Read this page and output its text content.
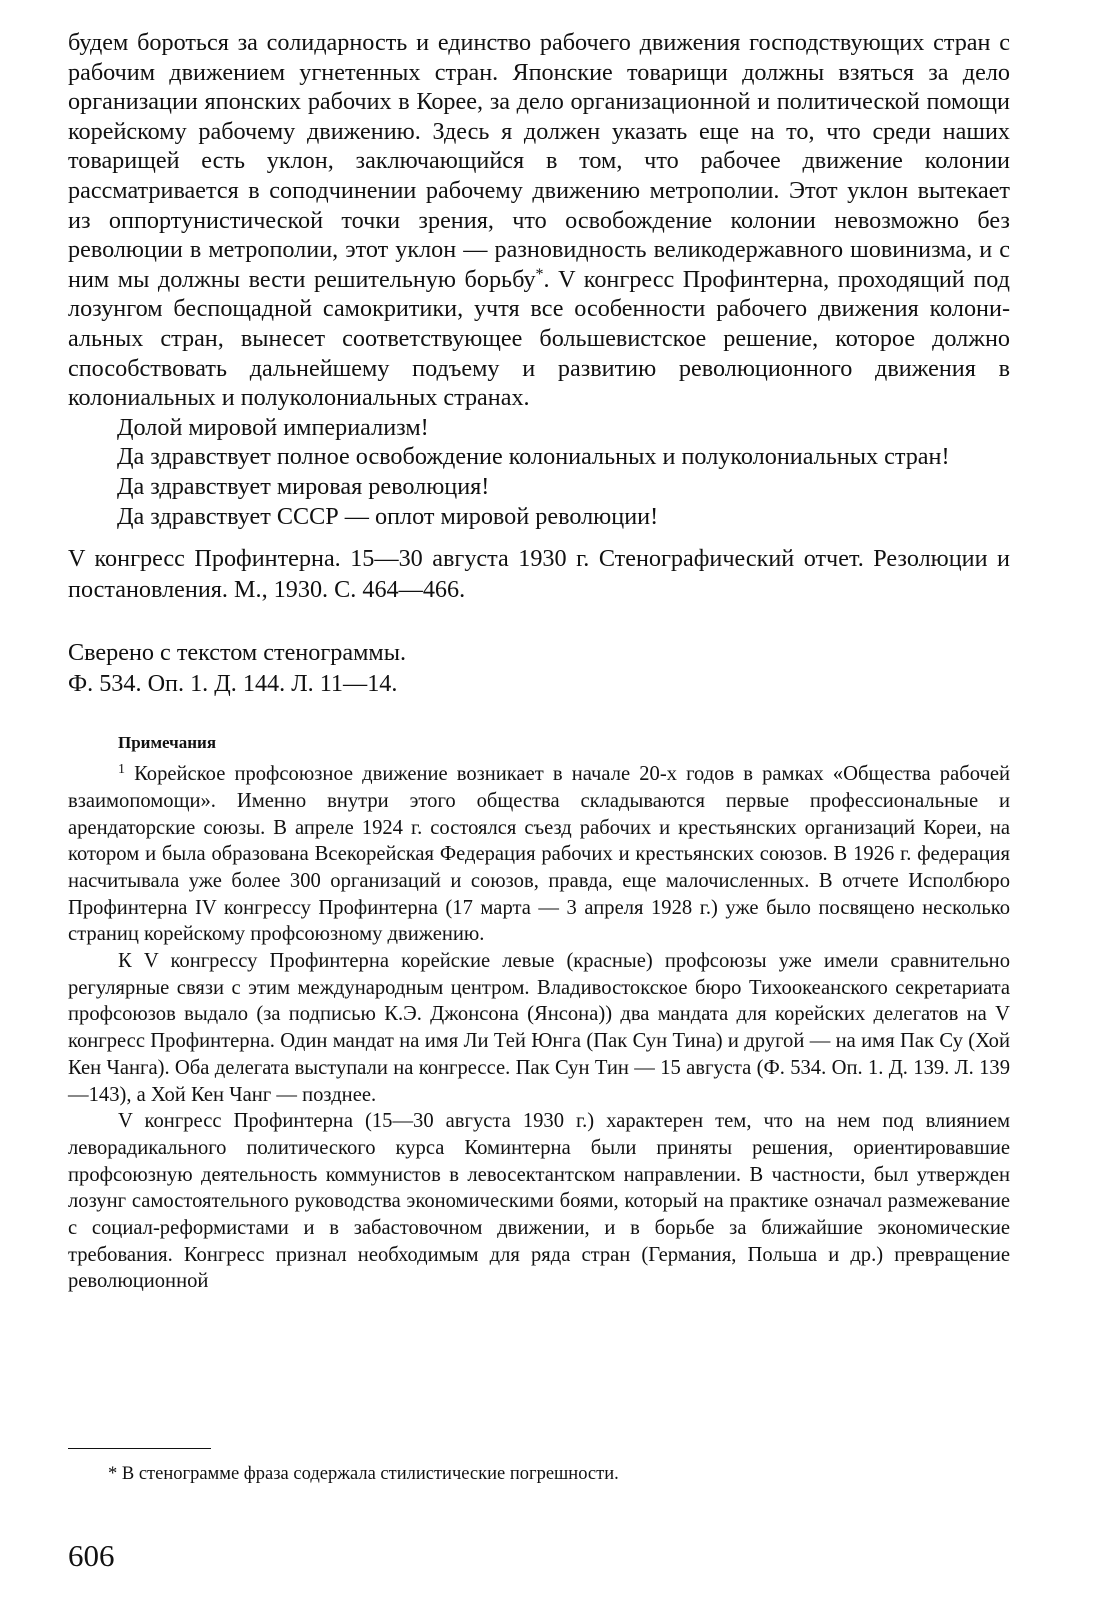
будем бороться за солидарность и единство рабочего движения господствующих стран с рабочим движением угнетенных стран. Японские товарищи должны взяться за дело организации японских рабочих в Корее, за дело организационной и политической помощи корейскому рабочему движению. Здесь я должен указать еще на то, что среди наших товарищей есть уклон, заключающийся в том, что рабочее движение колонии рассматривается в соподчинении рабочему движению метрополии. Этот уклон вытекает из оппортунистической точки зрения, что освобождение колонии невозможно без революции в метрополии, этот уклон — разновидность великодержавного шовинизма, и с ним мы должны вести решительную борьбу*. V конгресс Профинтерна, проходящий под лозунгом беспощадной самокритики, учтя все особенности рабочего движения колониальных стран, вынесет соответствующее большевистское решение, которое должно способствовать дальнейшему подъему и развитию революционного движения в колониальных и полуколониальных странах.

Долой мировой империализм!

Да здравствует полное освобождение колониальных и полуколониальных стран!

Да здравствует мировая революция!

Да здравствует СССР — оплот мировой революции!

V конгресс Профинтерна. 15—30 августа 1930 г. Стенографический отчет. Резолюции и постановления. М., 1930. С. 464—466.
Сверено с текстом стенограммы.
Ф. 534. Оп. 1. Д. 144. Л. 11—14.
Примечания

$^1$ Корейское профсоюзное движение возникает в начале 20-х годов в рамках «Общества рабочей взаимопомощи». Именно внутри этого общества складываются первые профессиональные и арендаторские союзы. В апреле 1924 г. состоялся съезд рабочих и крестьянских организаций Кореи, на котором и была образована Всекорейская Федерация рабочих и крестьянских союзов. В 1926 г. федерация насчитывала уже более 300 организаций и союзов, правда, еще малочисленных. В отчете Исполбюро Профинтерна IV конгрессу Профинтерна (17 марта — 3 апреля 1928 г.) уже было посвящено несколько страниц корейскому профсоюзному движению.

К V конгрессу Профинтерна корейские левые (красные) профсоюзы уже имели сравнительно регулярные связи с этим международным центром. Владивостокское бюро Тихоокеанского секретариата профсоюзов выдало (за подписью К.Э. Джонсона (Янсона)) два мандата для корейских делегатов на V конгресс Профинтерна. Один мандат на имя Ли Тей Юнга (Пак Сун Тина) и другой — на имя Пак Су (Хой Кен Чанга). Оба делегата выступали на конгрессе. Пак Сун Тин — 15 августа (Ф. 534. Оп. 1. Д. 139. Л. 139—143), а Хой Кен Чанг — позднее.

V конгресс Профинтерна (15—30 августа 1930 г.) характерен тем, что на нем под влиянием леворадикального политического курса Коминтерна были приняты решения, ориентировавшие профсоюзную деятельность коммунистов в левосектантском направлении. В частности, был утвержден лозунг самостоятельного руководства экономическими боями, который на практике означал размежевание с социал-реформистами и в забастовочном движении, и в борьбе за ближайшие экономические требования. Конгресс признал необходимым для ряда стран (Германия, Польша и др.) превращение революционной

* В стенограмме фраза содержала стилистические погрешности.
606
